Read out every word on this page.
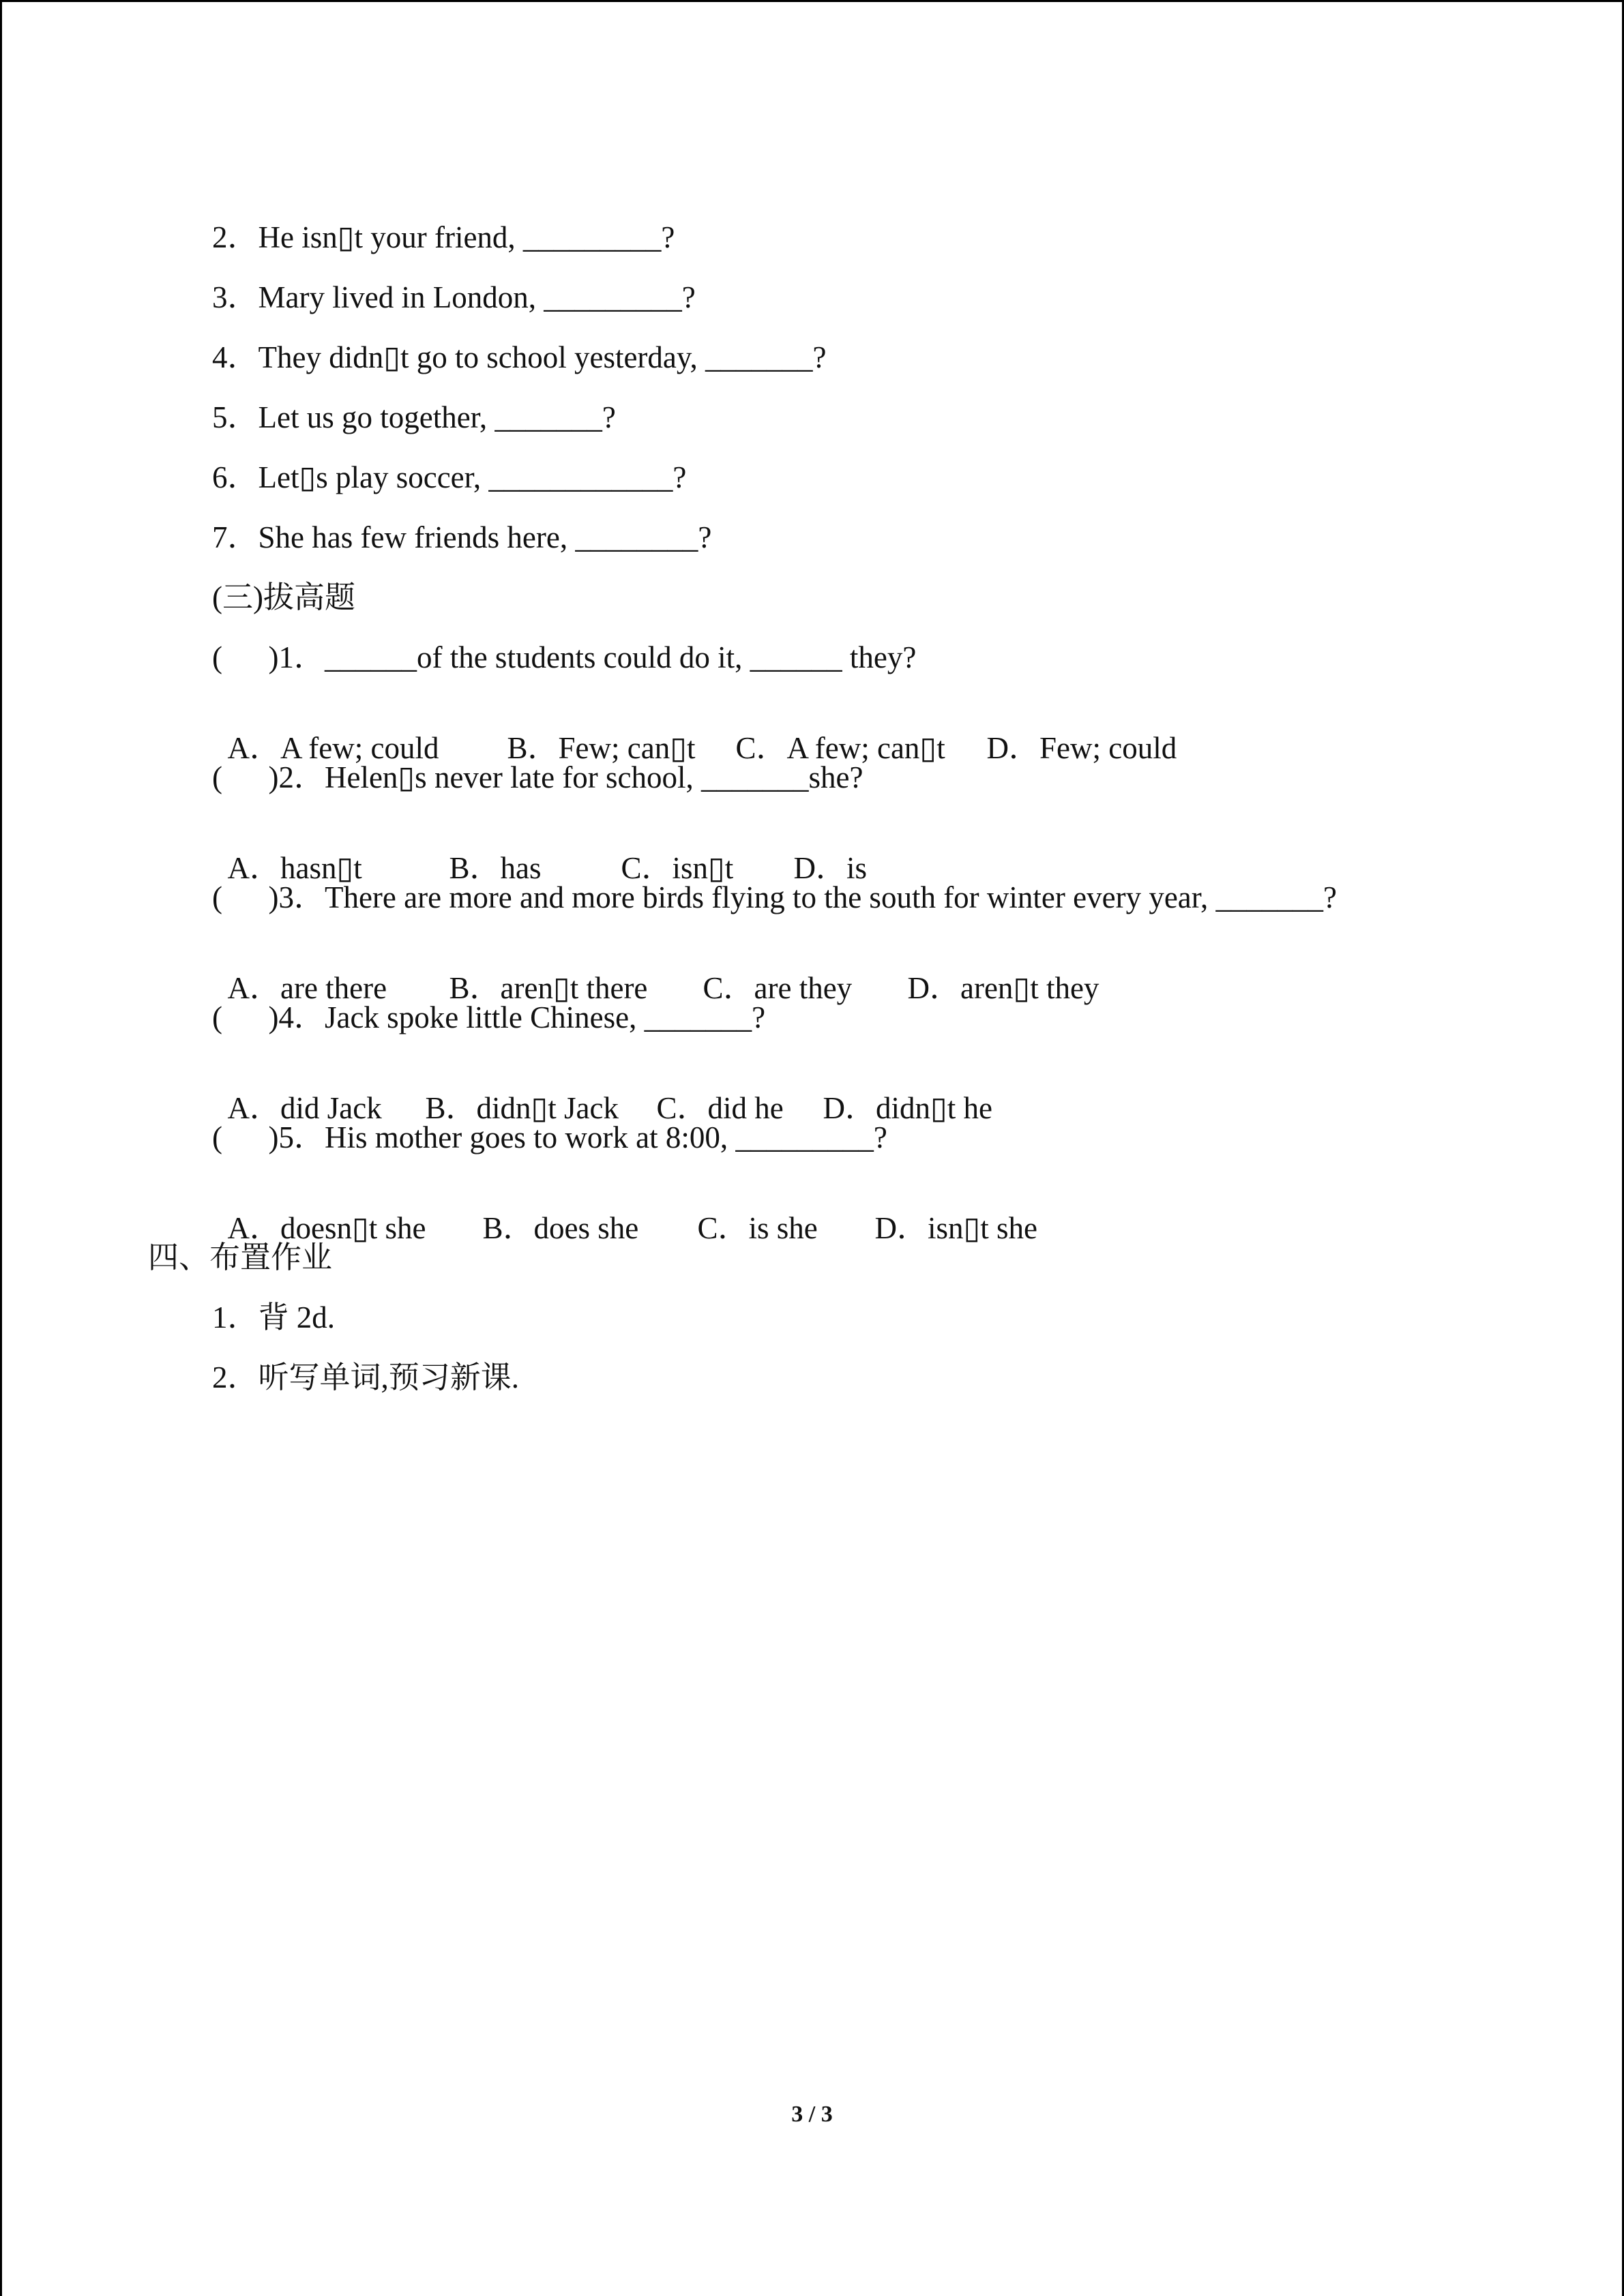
2．He isn▯t your friend, _________?
3．Mary lived in London, _________?
4．They didn▯t go to school yesterday, _______?
5．Let us go together, _______?
6．Let▯s play soccer, ____________?
7．She has few friends here, ________?
(三)拔高题
(      )1．______of the students could do it, ______ they?

A．A few; could B．Few; can▯t C．A few; can▯t D．Few; could

(      )2．Helen▯s never late for school, _______she?

A．hasn▯t	B．has	C．isn▯t D．is

(      )3．There are more and more birds flying to the south for winter every year, _______?

A．are there B．aren▯t there C．are they D．aren▯t they

(      )4．Jack spoke little Chinese, _______?

A．did Jack B．didn▯t Jack C．did he D．didn▯t he

(      )5．His mother goes to work at 8:00, _________?

A．doesn▯t she B．does she C．is she D．isn▯t she

四、布置作业
1．背 2d.
2．听写单词,预习新课.
3 / 3
